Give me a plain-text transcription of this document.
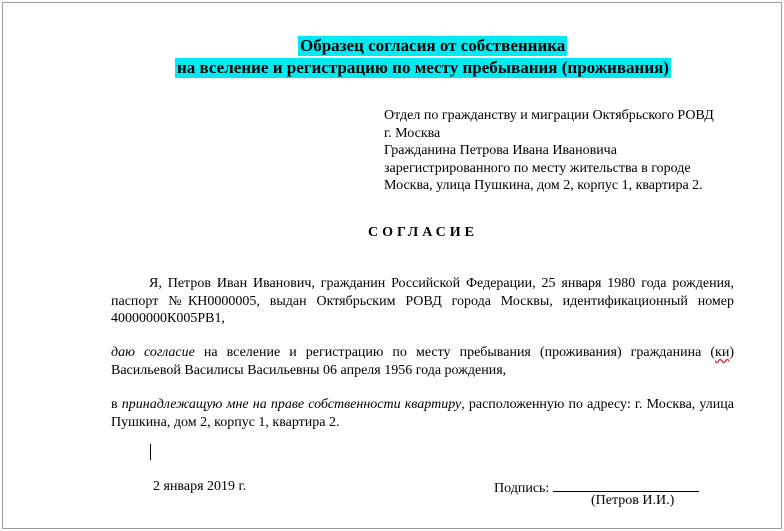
Образец согласия от собственника
на вселение и регистрацию по месту пребывания (проживания)
Отдел по гражданству и миграции Октябрьского РОВД
г. Москва
Гражданина Петрова Ивана Ивановича
зарегистрированного по месту жительства в городе
Москва, улица Пушкина, дом 2, корпус 1, квартира 2.
СОГЛАСИЕ
Я, Петров Иван Иванович, гражданин Российской Федерации, 25 января 1980 года рождения, паспорт №КН0000005, выдан Октябрьским РОВД города Москвы, идентификационный номер 40000000К005РВ1,
даю согласие на вселение и регистрацию по месту пребывания (проживания) гражданина (ки) Васильевой Василисы Васильевны 06 апреля 1956 года рождения,
в принадлежащую мне на праве собственности квартиру, расположенную по адресу: г. Москва, улица Пушкина, дом 2, корпус 1, квартира 2.
2 января 2019 г.	Подпись:
(Петров И.И.)
